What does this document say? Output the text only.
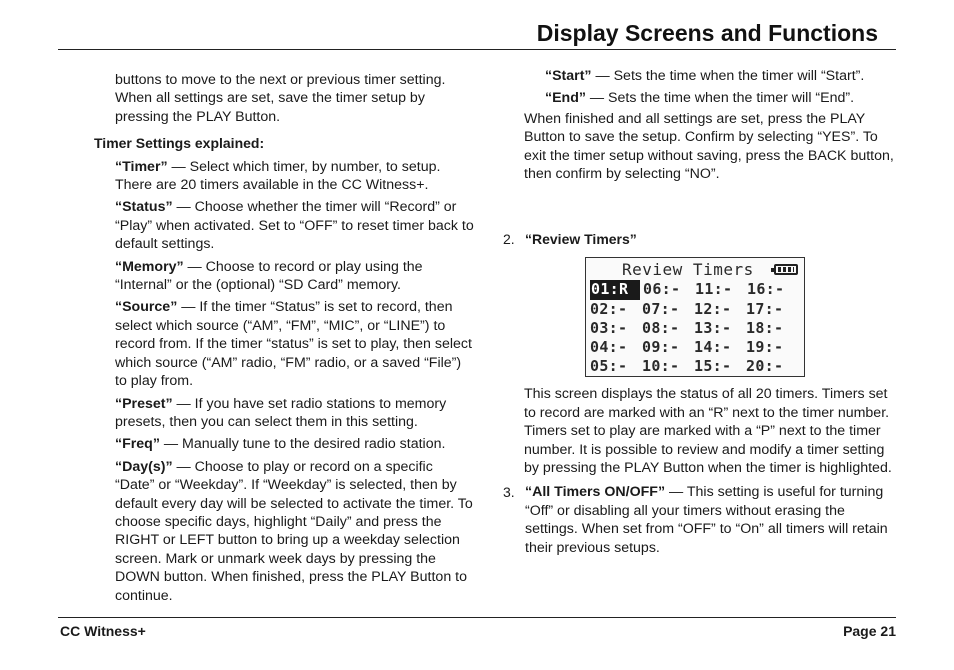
Display Screens and Functions

buttons to move to the next or previous timer setting. When all settings are set, save the timer setup by pressing the PLAY Button.

Timer Settings explained:

“Timer” — Select which timer, by number, to setup. There are 20 timers available in the CC Witness+.

“Status” — Choose whether the timer will “Record” or “Play” when activated. Set to “OFF” to reset timer back to default settings.

“Memory” — Choose to record or play using the “Internal” or the (optional) “SD Card” memory.

“Source” — If the timer “Status” is set to record, then select which source (“AM”, “FM”, “MIC”, or “LINE”) to record from. If the timer “status” is set to play, then select which source (“AM” radio, “FM” radio, or a saved “File”) to play from.

“Preset” — If you have set radio stations to memory presets, then you can select them in this setting.

“Freq” — Manually tune to the desired radio station.

“Day(s)” — Choose to play or record on a specific “Date” or “Weekday”. If “Weekday” is selected, then by default every day will be selected to activate the timer. To choose specific days, highlight “Daily” and press the RIGHT or LEFT button to bring up a weekday selection screen. Mark or unmark week days by pressing the DOWN button. When finished, press the PLAY Button to continue.

“Start” — Sets the time when the timer will “Start”.

“End” — Sets the time when the timer will “End”.

When finished and all settings are set, press the PLAY Button to save the setup. Confirm by selecting “YES”. To exit the timer setup without saving, press the BACK button, then confirm by selecting “NO”.

2. “Review Timers”
Review Timers
01:R 06:- 11:- 16:-
02:- 07:- 12:- 17:-
03:- 08:- 13:- 18:-
04:- 09:- 14:- 19:-
05:- 10:- 15:- 20:-

This screen displays the status of all 20 timers. Timers set to record are marked with an “R” next to the timer number. Timers set to play are marked with a “P” next to the timer number. It is possible to review and modify a timer setting by pressing the PLAY Button when the timer is highlighted.

3. “All Timers ON/OFF” — This setting is useful for turning “Off” or disabling all your timers without erasing the settings. When set from “OFF” to “On” all timers will retain their previous setups.

CC Witness+	Page 21
